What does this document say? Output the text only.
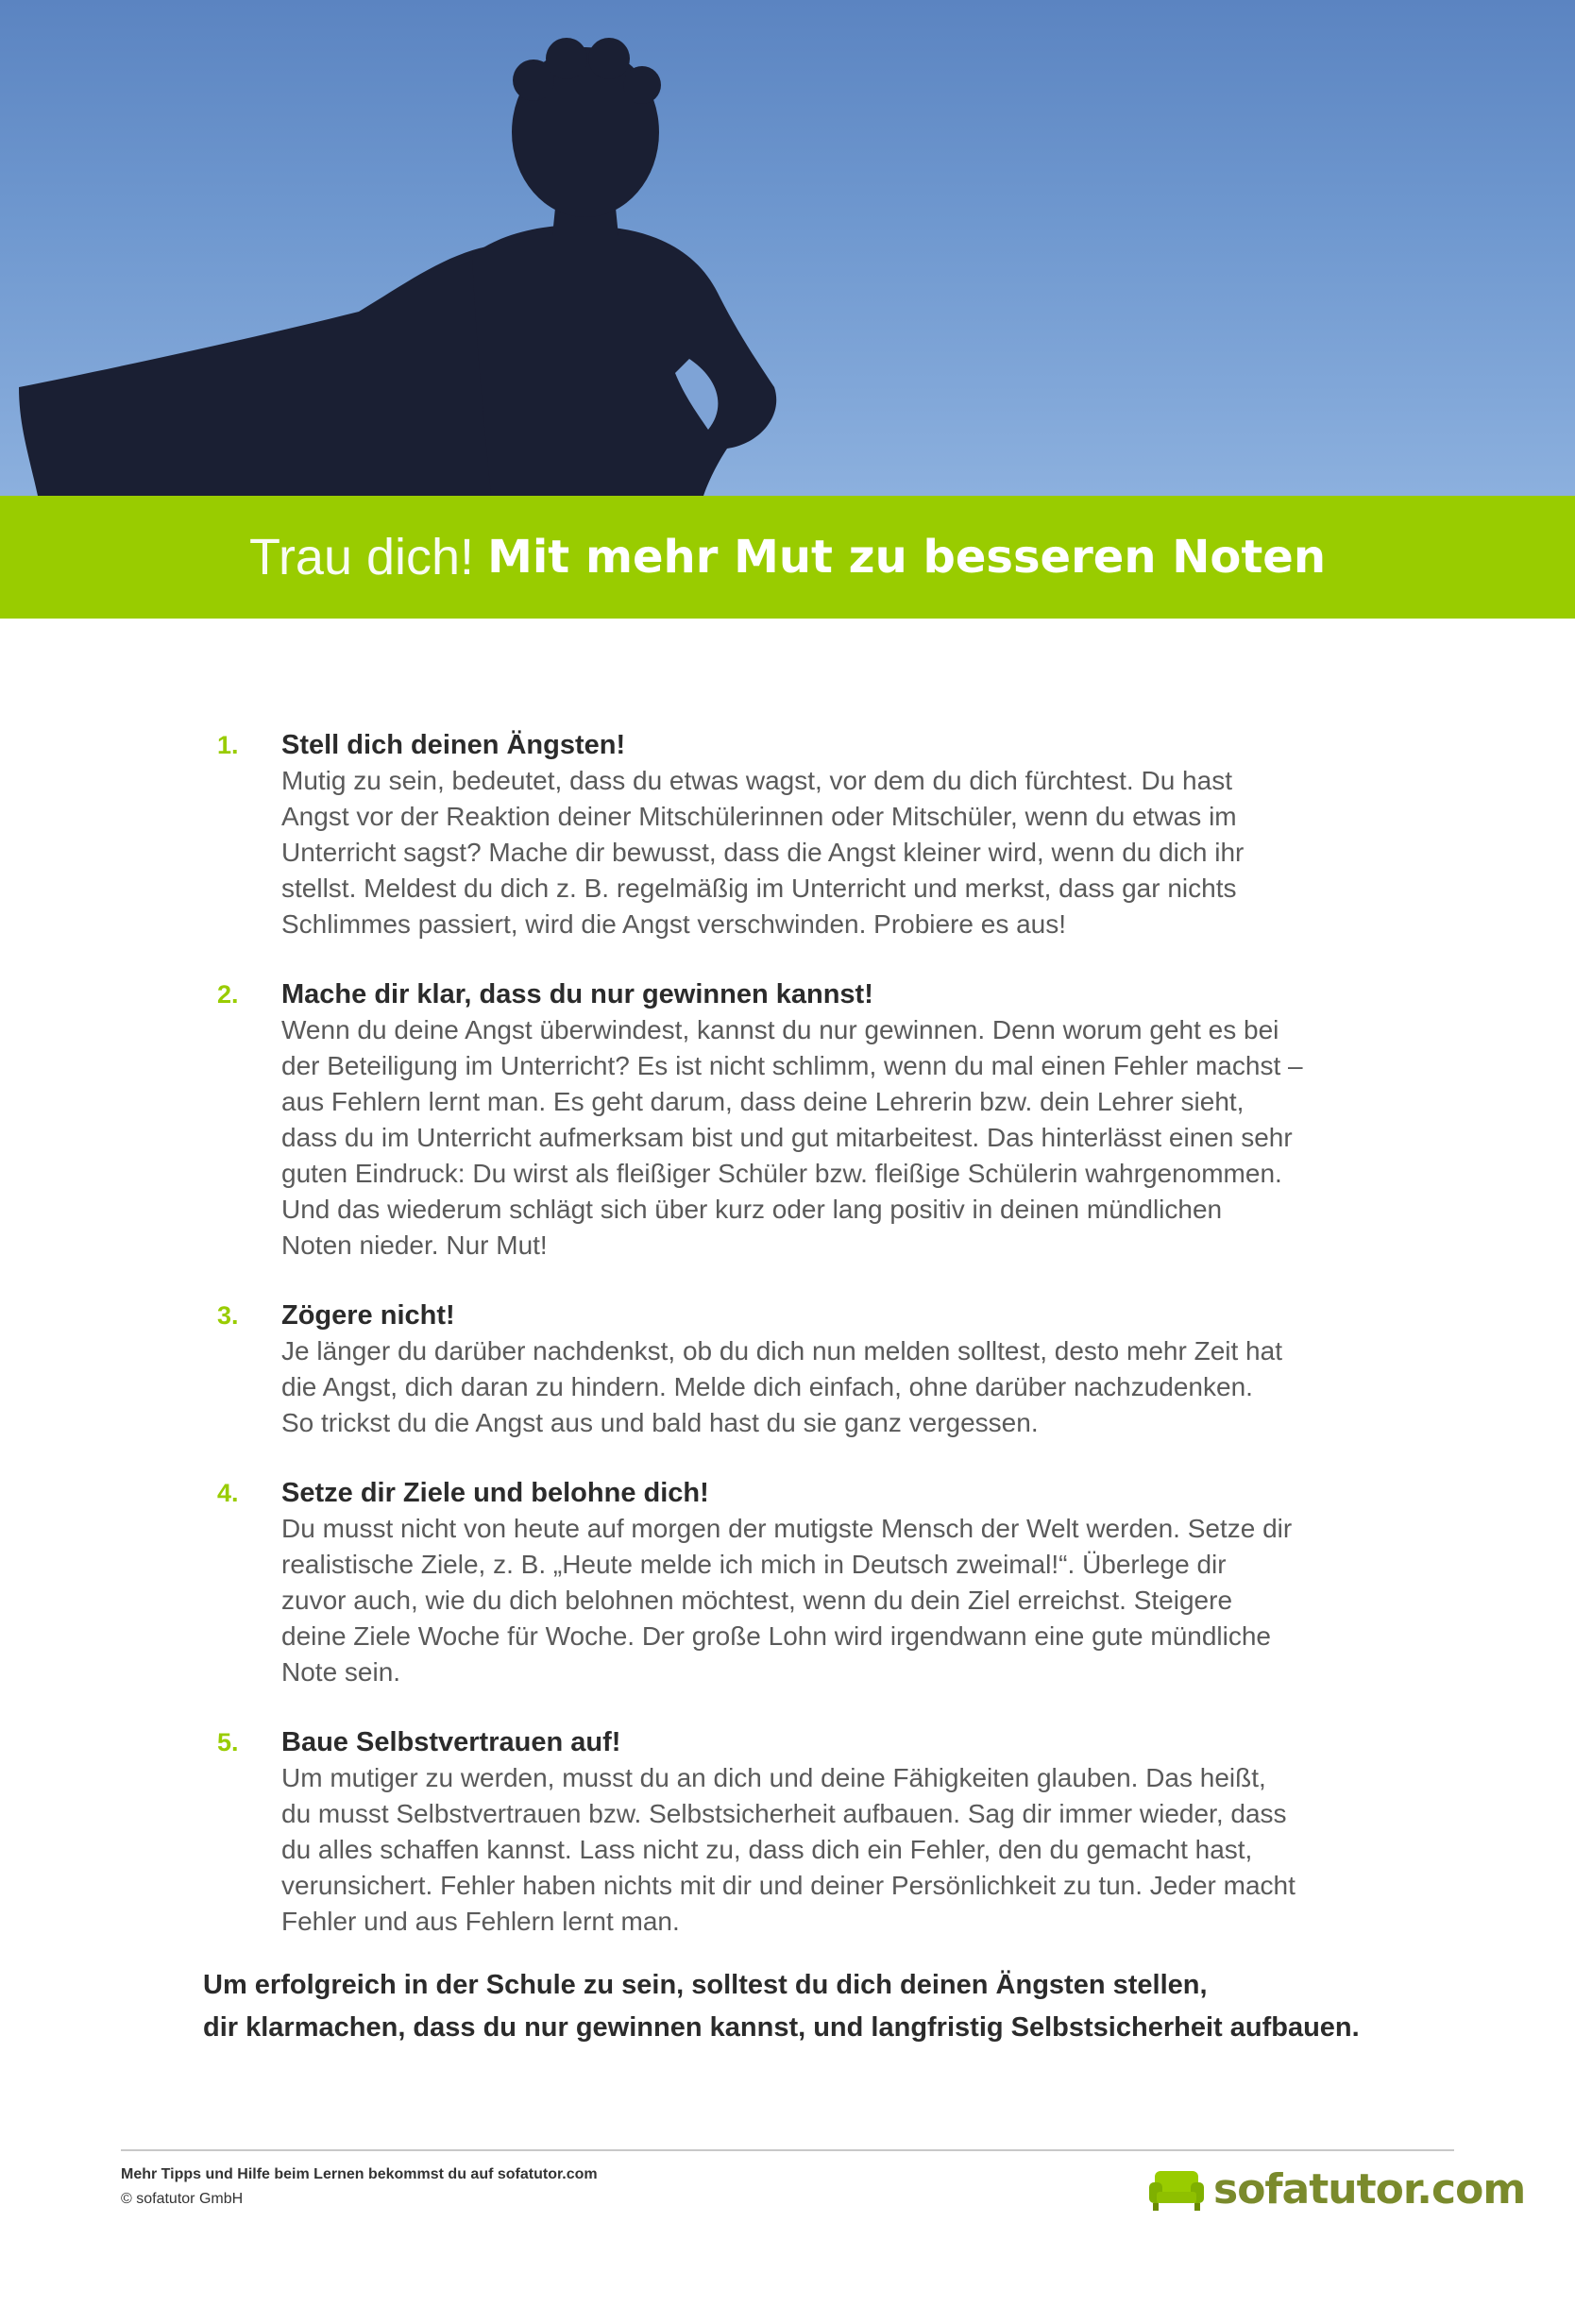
Trau dich! Mit mehr Mut zu besseren Noten
1. Stell dich deinen Ängsten!
Mutig zu sein, bedeutet, dass du etwas wagst, vor dem du dich fürchtest. Du hast
Angst vor der Reaktion deiner Mitschülerinnen oder Mitschüler, wenn du etwas im
Unterricht sagst? Mache dir bewusst, dass die Angst kleiner wird, wenn du dich ihr
stellst. Meldest du dich z. B. regelmäßig im Unterricht und merkst, dass gar nichts
Schlimmes passiert, wird die Angst verschwinden. Probiere es aus!
2. Mache dir klar, dass du nur gewinnen kannst!
Wenn du deine Angst überwindest, kannst du nur gewinnen. Denn worum geht es bei
der Beteiligung im Unterricht? Es ist nicht schlimm, wenn du mal einen Fehler machst –
aus Fehlern lernt man. Es geht darum, dass deine Lehrerin bzw. dein Lehrer sieht,
dass du im Unterricht aufmerksam bist und gut mitarbeitest. Das hinterlässt einen sehr
guten Eindruck: Du wirst als fleißiger Schüler bzw. fleißige Schülerin wahrgenommen.
Und das wiederum schlägt sich über kurz oder lang positiv in deinen mündlichen
Noten nieder. Nur Mut!
3. Zögere nicht!
Je länger du darüber nachdenkst, ob du dich nun melden solltest, desto mehr Zeit hat
die Angst, dich daran zu hindern. Melde dich einfach, ohne darüber nachzudenken.
So trickst du die Angst aus und bald hast du sie ganz vergessen.
4. Setze dir Ziele und belohne dich!
Du musst nicht von heute auf morgen der mutigste Mensch der Welt werden. Setze dir
realistische Ziele, z. B. „Heute melde ich mich in Deutsch zweimal!“. Überlege dir
zuvor auch, wie du dich belohnen möchtest, wenn du dein Ziel erreichst. Steigere
deine Ziele Woche für Woche. Der große Lohn wird irgendwann eine gute mündliche
Note sein.
5. Baue Selbstvertrauen auf!
Um mutiger zu werden, musst du an dich und deine Fähigkeiten glauben. Das heißt,
du musst Selbstvertrauen bzw. Selbstsicherheit aufbauen. Sag dir immer wieder, dass
du alles schaffen kannst. Lass nicht zu, dass dich ein Fehler, den du gemacht hast,
verunsichert. Fehler haben nichts mit dir und deiner Persönlichkeit zu tun. Jeder macht
Fehler und aus Fehlern lernt man.
Um erfolgreich in der Schule zu sein, solltest du dich deinen Ängsten stellen,
dir klarmachen, dass du nur gewinnen kannst, und langfristig Selbstsicherheit aufbauen.
Mehr Tipps und Hilfe beim Lernen bekommst du auf sofatutor.com
© sofatutor GmbH	sofatutor.com
